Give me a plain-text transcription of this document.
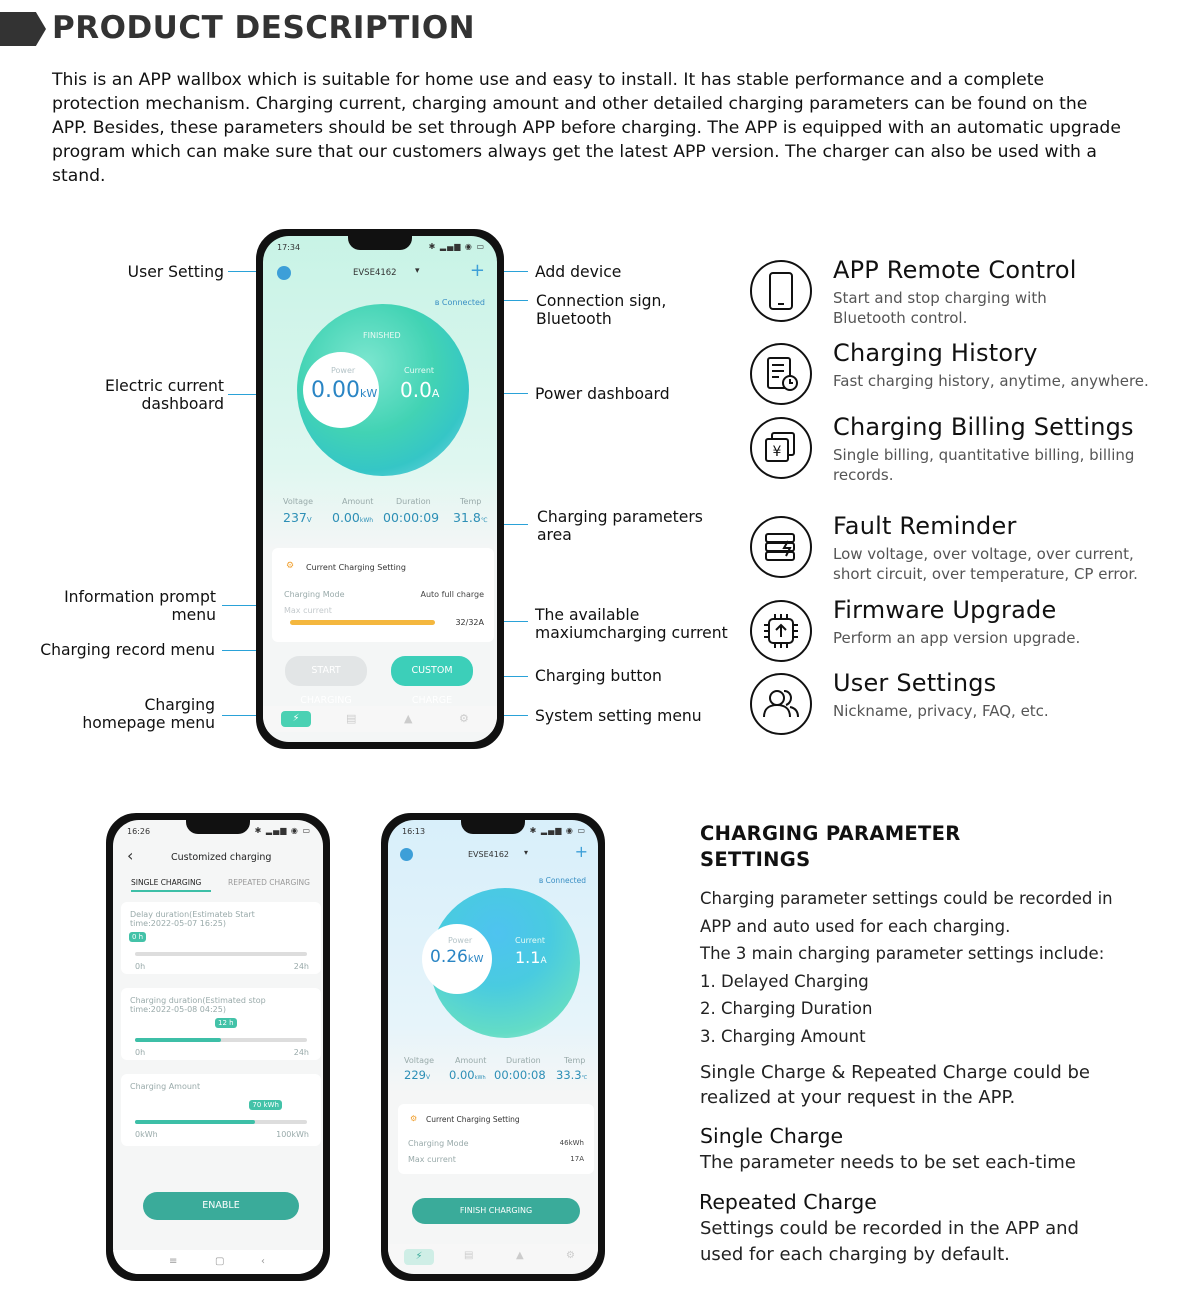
PRODUCT DESCRIPTION
This is an APP wallbox which is suitable for home use and easy to install. It has stable performance and a complete protection mechanism. Charging current, charging amount and other detailed charging parameters can be found on the APP. Besides, these parameters should be set through APP before charging. The APP is equipped with an automatic upgrade program which can make sure that our customers always get the latest APP version. The charger can also be used with a stand.
User Setting
Electric current
dashboard
Information prompt
menu
Charging record menu
Charging
homepage menu
Add device
Connection sign,
Bluetooth
Power dashboard
Charging parameters
area
The available
maxiumcharging current
Charging button
System setting menu
17:34	✱ ▂▄▆ ◉ ▭
EVSE4162 ▾	+
ʙ Connected
FINISHED
Power
0.00kW
Current
0.0A
Voltage	Amount	Duration	Temp
237V 0.00kWh 00:00:09 31.8℃
⚙ Current Charging Setting
Charging Mode	Auto full charge
Max current
32/32A
START CHARGING
CUSTOM CHARGE
⚡	▤	▲	⚙
APP Remote Control
Start and stop charging with
Bluetooth control.
Charging History
Fast charging history, anytime, anywhere.
¥
Charging Billing Settings
Single billing, quantitative billing, billing
records.
Fault Reminder
Low voltage, over voltage, over current,
short circuit, over temperature, CP error.
Firmware Upgrade
Perform an app version upgrade.
User Settings
Nickname, privacy, FAQ, etc.
16:26	✱ ▂▄▆ ◉ ▭
‹	Customized charging
SINGLE CHARGING	REPEATED CHARGING
Delay duration(Estimateb Start time:2022-05-07 16:25)
0 h
0h	24h
Charging duration(Estimated stop time:2022-05-08 04:25)
12 h
0h	24h
Charging Amount
70 kWh
0kWh	100kWh
ENABLE
≡	▢	‹
16:13	✱ ▂▄▆ ◉ ▭
EVSE4162 ▾	+
ʙ Connected
Power
0.26kW
Current
1.1A
Voltage	Amount Duration	Temp
229V 0.00kWh 00:00:08 33.3℃
⚙ Current Charging Setting
Charging Mode	46kWh
Max current	17A
FINISH CHARGING
⚡	▤	▲	⚙
CHARGING PARAMETER
SETTINGS
Charging parameter settings could be recorded in
APP and auto used for each charging.
The 3 main charging parameter settings include:
1. Delayed Charging
2. Charging Duration
3. Charging Amount
Single Charge & Repeated Charge could be
realized at your request in the APP.
Single Charge
The parameter needs to be set each-time
Repeated Charge
Settings could be recorded in the APP and
used for each charging by default.
